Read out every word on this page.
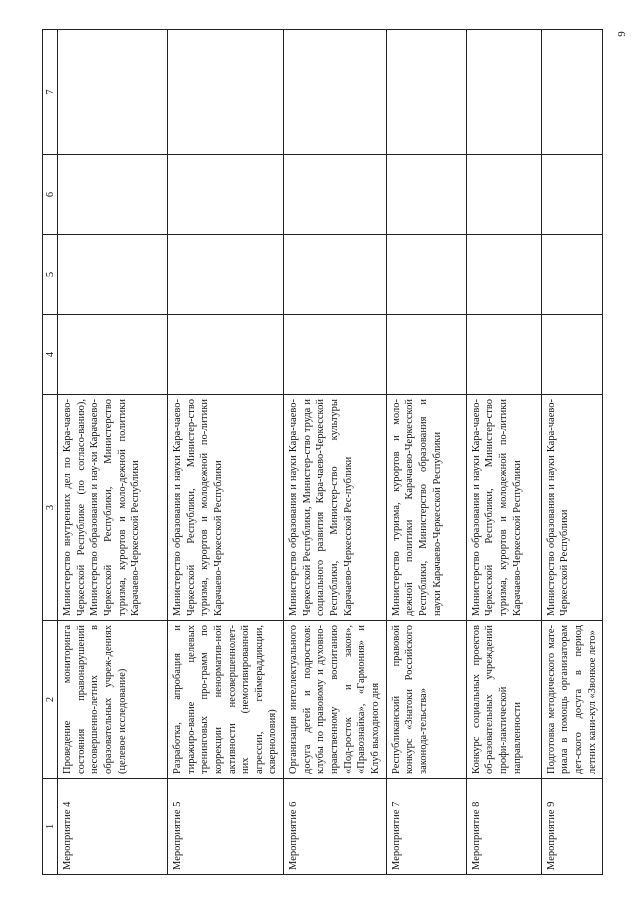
9
1	2	3	4	5	6	7
Мероприятие 4	Проведение мониторинга состояния правонарушений несовершенно-летних в образовательных учреж-дениях (целевое исследование)	Министерство внутренних дел по Кара-чаево-Черкесской Республике (по согласо-ванию), Министерство образования и нау-ки Карачаево-Черкесской Республики, Министерство туризма, курортов и моло-дежной политики Карачаево-Черкесской Республики				
Мероприятие 5	Разработка, апробация и тиражиро-вание целевых тренинговых про-грамм по коррекции ненорматив-ной активности несовершеннолет-них (немотивированной агрессии, геймераддикции, скверноловия)	Министерство образования и науки Кара-чаево-Черкесской Республики, Министер-ство туризма, курортов и молодежной по-литики Карачаево-Черкесской Республики				
Мероприятие 6	Организация интеллектуального досуга детей и подростков: клубы по правовому и духовно-нравственному воспитанию «Под-росток и закон», «Правознайка», «Гармония» и Клуб выходного дня	Министерство образования и науки Кара-чаево-Черкесской Республики, Министер-ство труда и социального развития Кара-чаево-Черкесской Республики, Министер-ство культуры Карачаево-Черкесской Рес-публики				
Мероприятие 7	Республиканский правовой конкурс «Знатоки Российского законода-тельства»	Министерство туризма, курортов и моло-дежной политики Карачаево-Черкесской Республики, Министерство образования и науки Карачаево-Черкесской Республики				
Мероприятие 8	Конкурс социальных проектов об-разовательных учреждений профи-лактической направленности	Министерство образования и науки Кара-чаево-Черкесской Республики, Министер-ство туризма, курортов и молодежной по-литики Карачаево-Черкесской Республики				
Мероприятие 9	Подготовка методического мате-риала в помощь организаторам дет-ского досуга в период летних кани-кул «Звонкое лето»	Министерство образования и науки Кара-чаево-Черкесской Республики				
